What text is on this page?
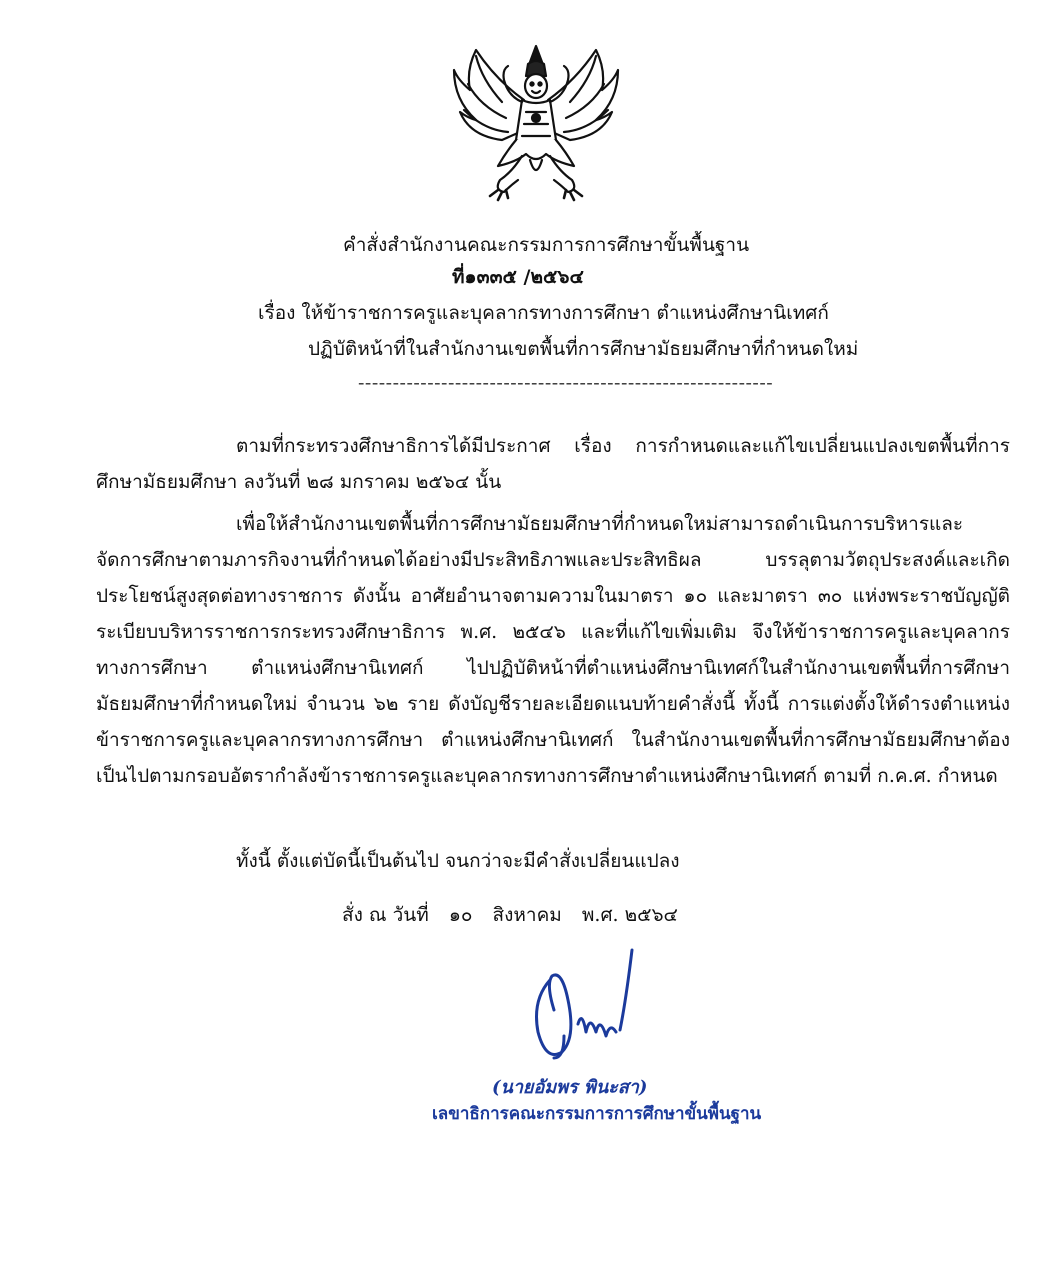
คำสั่งสำนักงานคณะกรรมการการศึกษาขั้นพื้นฐาน
ที่๑๓๓๕ /๒๕๖๔
เรื่อง ให้ข้าราชการครูและบุคลากรทางการศึกษา ตำแหน่งศึกษานิเทศก์
ปฏิบัติหน้าที่ในสำนักงานเขตพื้นที่การศึกษามัธยมศึกษาที่กำหนดใหม่
------------------------------------------------------------
ตามที่กระทรวงศึกษาธิการได้มีประกาศ เรื่อง การกำหนดและแก้ไขเปลี่ยนแปลงเขตพื้นที่การศึกษามัธยมศึกษา ลงวันที่ ๒๘ มกราคม ๒๕๖๔ นั้น
เพื่อให้สำนักงานเขตพื้นที่การศึกษามัธยมศึกษาที่กำหนดใหม่สามารถดำเนินการบริหารและจัดการศึกษาตามภารกิจงานที่กำหนดได้อย่างมีประสิทธิภาพและประสิทธิผล บรรลุตามวัตถุประสงค์และเกิดประโยชน์สูงสุดต่อทางราชการ ดังนั้น อาศัยอำนาจตามความในมาตรา ๑๐ และมาตรา ๓๐ แห่งพระราชบัญญัติระเบียบบริหารราชการกระทรวงศึกษาธิการ พ.ศ. ๒๕๔๖ และที่แก้ไขเพิ่มเติม จึงให้ข้าราชการครูและบุคลากรทางการศึกษา ตำแหน่งศึกษานิเทศก์ ไปปฏิบัติหน้าที่ตำแหน่งศึกษานิเทศก์ในสำนักงานเขตพื้นที่การศึกษามัธยมศึกษาที่กำหนดใหม่ จำนวน ๖๒ ราย ดังบัญชีรายละเอียดแนบท้ายคำสั่งนี้ ทั้งนี้ การแต่งตั้งให้ดำรงตำแหน่งข้าราชการครูและบุคลากรทางการศึกษา ตำแหน่งศึกษานิเทศก์ ในสำนักงานเขตพื้นที่การศึกษามัธยมศึกษาต้องเป็นไปตามกรอบอัตรากำลังข้าราชการครูและบุคลากรทางการศึกษาตำแหน่งศึกษานิเทศก์ ตามที่ ก.ค.ศ. กำหนด
ทั้งนี้ ตั้งแต่บัดนี้เป็นต้นไป จนกว่าจะมีคำสั่งเปลี่ยนแปลง
สั่ง ณ วันที่ ๑๐ สิงหาคม พ.ศ. ๒๕๖๔
(นายอัมพร พินะสา)
เลขาธิการคณะกรรมการการศึกษาขั้นพื้นฐาน
